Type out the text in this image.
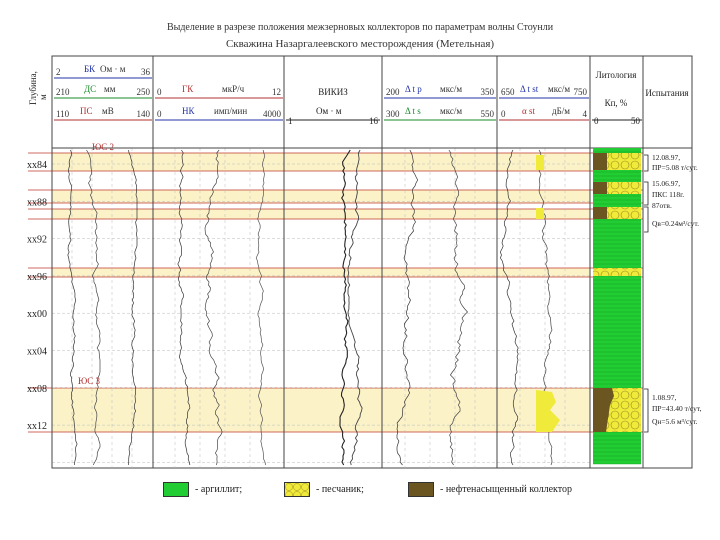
Выделение в разрезе положения межзерновых коллекторов по параметрам волны Стоунли
Скважина Назаргалеевского месторождения (Метельная)
Глубина, м
xx84
xx88
xx92
xx96
xx00
xx04
xx08
xx12
2	36
БК Ом · м
210	250
ДС мм
110	140
ПС мВ
0	12
ГК	мкР/ч
0	4000
НК имп/мин
ВИКИЗ
Ом · м
1	16
200	350
Δ t р мкс/м
300	550
Δ t s мкс/м
650	750
Δ t st мкс/м
0	4
α st дБ/м
Литология
Кп, %
0	50
Испытания
ЮС 2
ЮС 3
12.08.97,
ПР=5.08 т/сут.
15.06.97,
ПКС 118г.
87отв.
Qв=0.24м³/сут.
1.08.97,
ПР=43.40 т/сут,
Qн=5.6 м³/сут.
- аргиллит;	- песчаник;	- нефтенасыщенный коллектор
